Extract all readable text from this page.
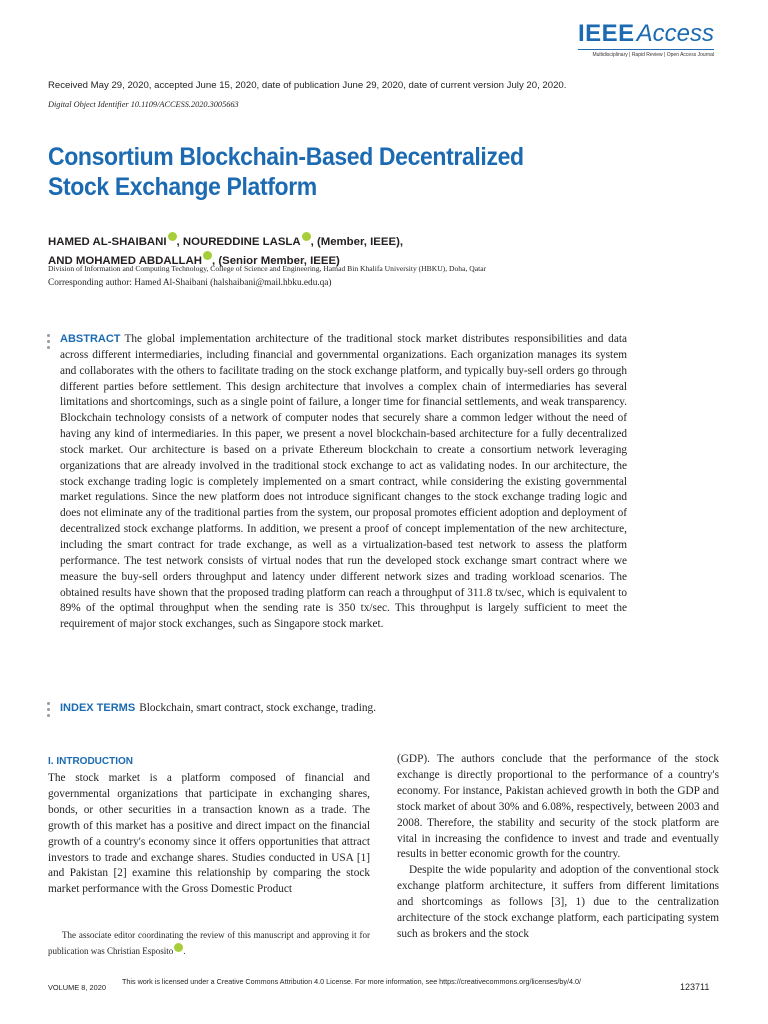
IEEEAccess
Multidisciplinary | Rapid Review | Open Access Journal
Received May 29, 2020, accepted June 15, 2020, date of publication June 29, 2020, date of current version July 20, 2020.
Digital Object Identifier 10.1109/ACCESS.2020.3005663
Consortium Blockchain-Based Decentralized
Stock Exchange Platform
HAMED AL-SHAIBANI , NOUREDDINE LASLA , (Member, IEEE),
AND MOHAMED ABDALLAH , (Senior Member, IEEE)
Division of Information and Computing Technology, College of Science and Engineering, Hamad Bin Khalifa University (HBKU), Doha, Qatar
Corresponding author: Hamed Al-Shaibani (halshaibani@mail.hbku.edu.qa)
ABSTRACT The global implementation architecture of the traditional stock market distributes responsibilities and data across different intermediaries, including financial and governmental organizations. Each organization manages its system and collaborates with the others to facilitate trading on the stock exchange platform, and typically buy-sell orders go through different parties before settlement. This design architecture that involves a complex chain of intermediaries has several limitations and shortcomings, such as a single point of failure, a longer time for financial settlements, and weak transparency. Blockchain technology consists of a network of computer nodes that securely share a common ledger without the need of having any kind of intermediaries. In this paper, we present a novel blockchain-based architecture for a fully decentralized stock market. Our architecture is based on a private Ethereum blockchain to create a consortium network leveraging organizations that are already involved in the traditional stock exchange to act as validating nodes. In our architecture, the stock exchange trading logic is completely implemented on a smart contract, while considering the existing governmental market regulations. Since the new platform does not introduce significant changes to the stock exchange trading logic and does not eliminate any of the traditional parties from the system, our proposal promotes efficient adoption and deployment of decentralized stock exchange platforms. In addition, we present a proof of concept implementation of the new architecture, including the smart contract for trade exchange, as well as a virtualization-based test network to assess the platform performance. The test network consists of virtual nodes that run the developed stock exchange smart contract where we measure the buy-sell orders throughput and latency under different network sizes and trading workload scenarios. The obtained results have shown that the proposed trading platform can reach a throughput of 311.8 tx/sec, which is equivalent to 89% of the optimal throughput when the sending rate is 350 tx/sec. This throughput is largely sufficient to meet the requirement of major stock exchanges, such as Singapore stock market.
INDEX TERMS Blockchain, smart contract, stock exchange, trading.
I. INTRODUCTION

The stock market is a platform composed of financial and governmental organizations that participate in exchanging shares, bonds, or other securities in a transaction known as a trade. The growth of this market has a positive and direct impact on the financial growth of a country's economy since it offers opportunities that attract investors to trade and exchange shares. Studies conducted in USA [1] and Pakistan [2] examine this relationship by comparing the stock market performance with the Gross Domestic Product

(GDP). The authors conclude that the performance of the stock exchange is directly proportional to the performance of a country's economy. For instance, Pakistan achieved growth in both the GDP and stock market of about 30% and 6.08%, respectively, between 2003 and 2008. Therefore, the stability and security of the stock platform are vital in increasing the confidence to invest and trade and eventually results in better economic growth for the country.

Despite the wide popularity and adoption of the conventional stock exchange platform architecture, it suffers from different limitations and shortcomings as follows [3], 1) due to the centralization architecture of the stock exchange platform, each participating system such as brokers and the stock

The associate editor coordinating the review of this manuscript and approving it for publication was Christian Esposito .
VOLUME 8, 2020
This work is licensed under a Creative Commons Attribution 4.0 License. For more information, see https://creativecommons.org/licenses/by/4.0/
123711
